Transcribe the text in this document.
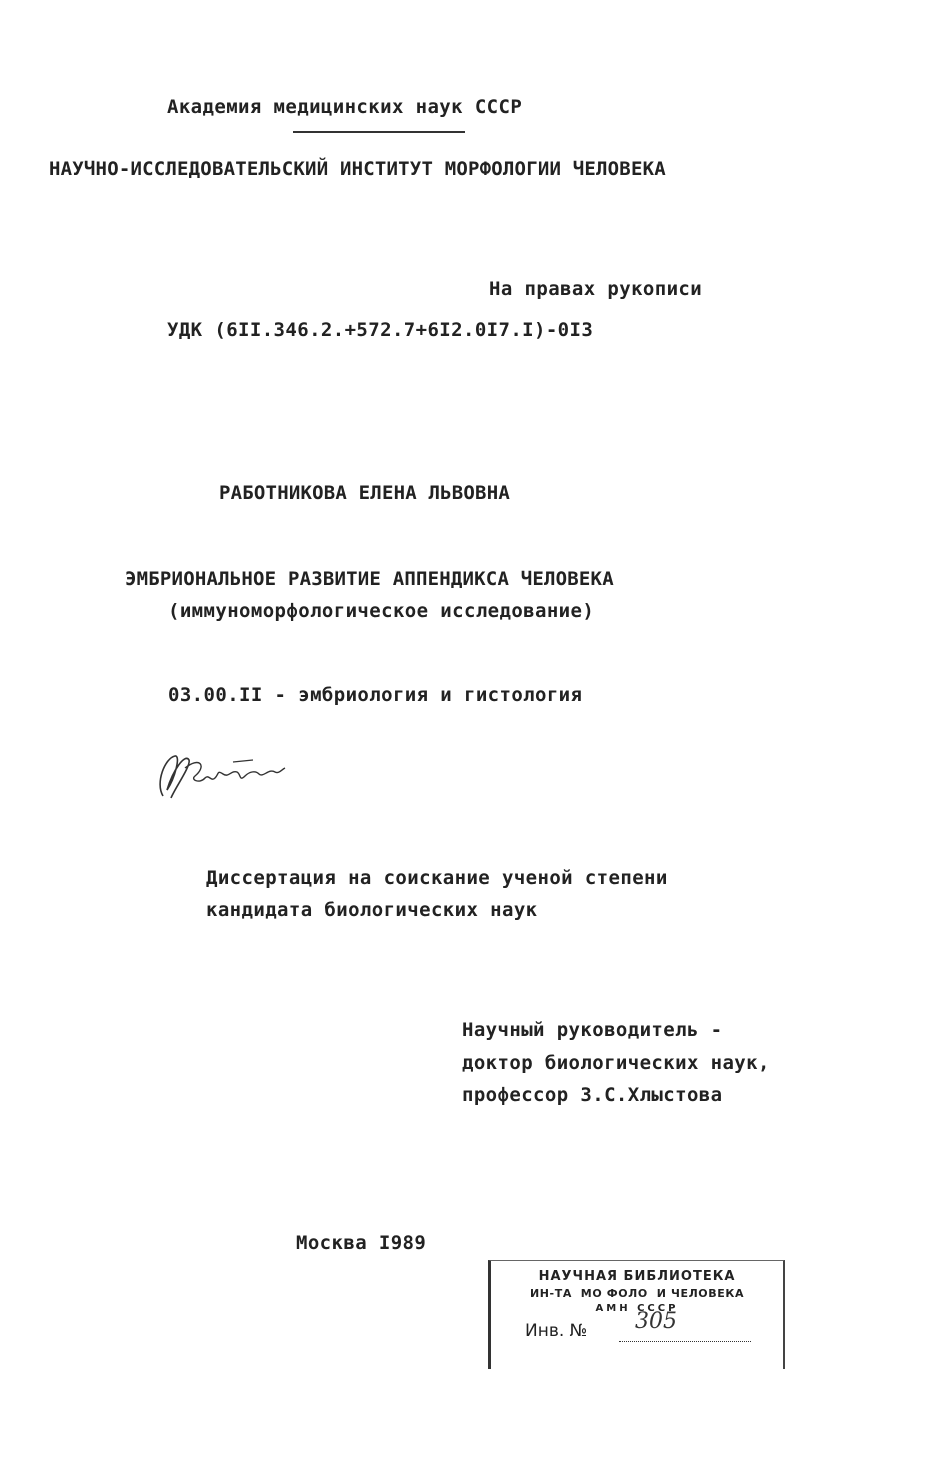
Академия медицинских наук СССР
НАУЧНО-ИССЛЕДОВАТЕЛЬСКИЙ ИНСТИТУТ МОРФОЛОГИИ ЧЕЛОВЕКА
На правах рукописи
УДК (6II.346.2.+572.7+6I2.0I7.I)-0I3
РАБОТНИКОВА ЕЛЕНА ЛЬВОВНА
ЭМБРИОНАЛЬНОЕ РАЗВИТИЕ АППЕНДИКСА ЧЕЛОВЕКА
(иммуноморфологическое исследование)
03.00.II - эмбриология и гистология
Диссертация на соискание ученой степени
кандидата биологических наук
Научный руководитель -
доктор биологических наук,
профессор З.С.Хлыстова
Москва I989
НАУЧНАЯ БИБЛИОТЕКА
ИН-ТА  МО ФОЛО  И ЧЕЛОВЕКА
АМН СССР
Инв. № 305
